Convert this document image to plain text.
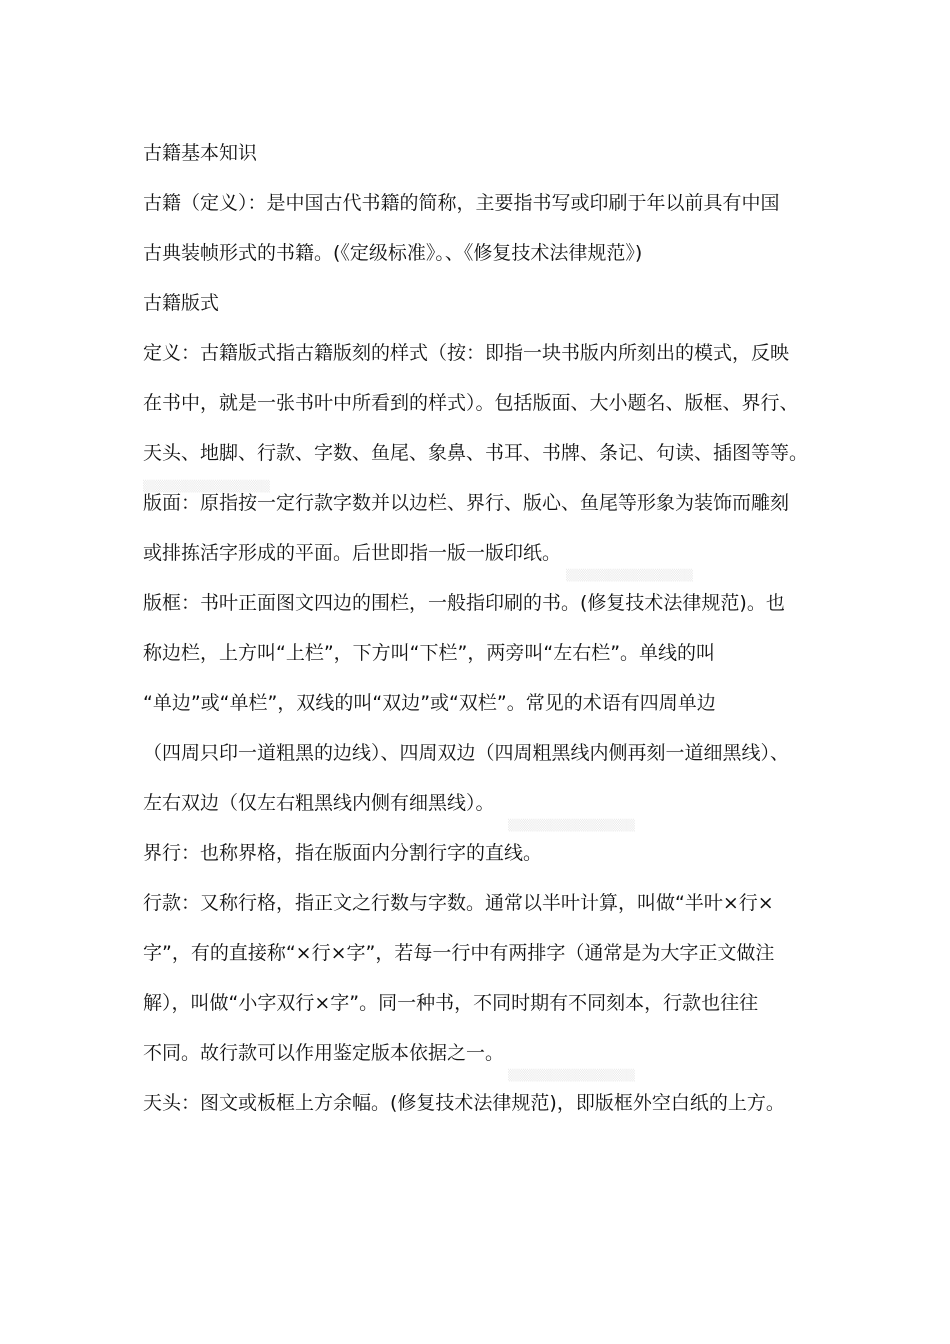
▒▒▒▒▒▒▒▒▒▒▒▒▒▒▒
▒▒▒▒▒▒▒▒▒▒▒▒▒▒▒
▒▒▒▒▒▒▒▒▒▒▒▒▒▒▒
▒▒▒▒▒▒▒▒▒▒▒▒▒▒▒
古籍基本知识
古籍（定义）：是中国古代书籍的简称，主要指书写或印刷于年以前具有中国
古典装帧形式的书籍。(《定级标准》。、《修复技术法律规范》)
古籍版式
定义：古籍版式指古籍版刻的样式（按：即指一块书版内所刻出的模式，反映
在书中，就是一张书叶中所看到的样式）。包括版面、大小题名、版框、界行、
天头、地脚、行款、字数、鱼尾、象鼻、书耳、书牌、条记、句读、插图等等。
版面：原指按一定行款字数并以边栏、界行、版心、鱼尾等形象为装饰而雕刻
或排拣活字形成的平面。后世即指一版一版印纸。
版框：书叶正面图文四边的围栏，一般指印刷的书。(修复技术法律规范)。也
称边栏，上方叫“上栏”，下方叫“下栏”，两旁叫“左右栏”。单线的叫
“单边”或“单栏”，双线的叫“双边”或“双栏”。常见的术语有四周单边
（四周只印一道粗黑的边线）、四周双边（四周粗黑线内侧再刻一道细黑线）、
左右双边（仅左右粗黑线内侧有细黑线）。
界行：也称界格，指在版面内分割行字的直线。
行款：又称行格，指正文之行数与字数。通常以半叶计算，叫做“半叶×行×
字”，有的直接称“×行×字”，若每一行中有两排字（通常是为大字正文做注
解），叫做“小字双行×字”。同一种书，不同时期有不同刻本，行款也往往
不同。故行款可以作用鉴定版本依据之一。
天头：图文或板框上方余幅。(修复技术法律规范)，即版框外空白纸的上方。
